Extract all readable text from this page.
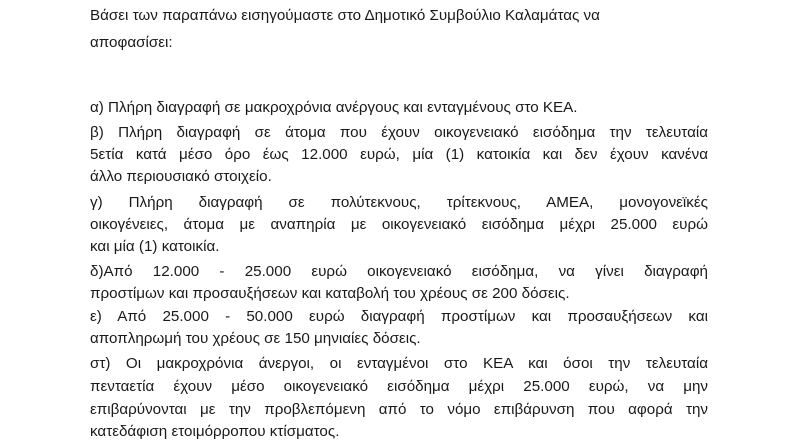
Βάσει των παραπάνω εισηγούμαστε στο Δημοτικό Συμβούλιο Καλαμάτας να
αποφασίσει:
α) Πλήρη διαγραφή σε μακροχρόνια ανέργους και ενταγμένους στο ΚΕΑ.
β) Πλήρη διαγραφή σε άτομα που έχουν οικογενειακό εισόδημα την τελευταία
5ετία κατά μέσο όρο έως 12.000 ευρώ, μία (1) κατοικία και δεν έχουν κανένα
άλλο περιουσιακό στοιχείο.
γ) Πλήρη διαγραφή σε πολύτεκνους, τρίτεκνους, ΑΜΕΑ, μονογονεϊκές
οικογένειες, άτομα με αναπηρία με οικογενειακό εισόδημα μέχρι 25.000 ευρώ
και μία (1) κατοικία.
δ)Από 12.000 - 25.000 ευρώ οικογενειακό εισόδημα, να γίνει διαγραφή
προστίμων και προσαυξήσεων και καταβολή του χρέους σε 200 δόσεις.
ε) Από 25.000 - 50.000 ευρώ διαγραφή προστίμων και προσαυξήσεων και
αποπληρωμή του χρέους σε 150 μηνιαίες δόσεις.
στ) Οι μακροχρόνια άνεργοι, οι ενταγμένοι στο ΚΕΑ και όσοι την τελευταία
πενταετία έχουν μέσο οικογενειακό εισόδημα μέχρι 25.000 ευρώ, να μην
επιβαρύνονται με την προβλεπόμενη από το νόμο επιβάρυνση που αφορά την
κατεδάφιση ετοιμόρροπου κτίσματος.
